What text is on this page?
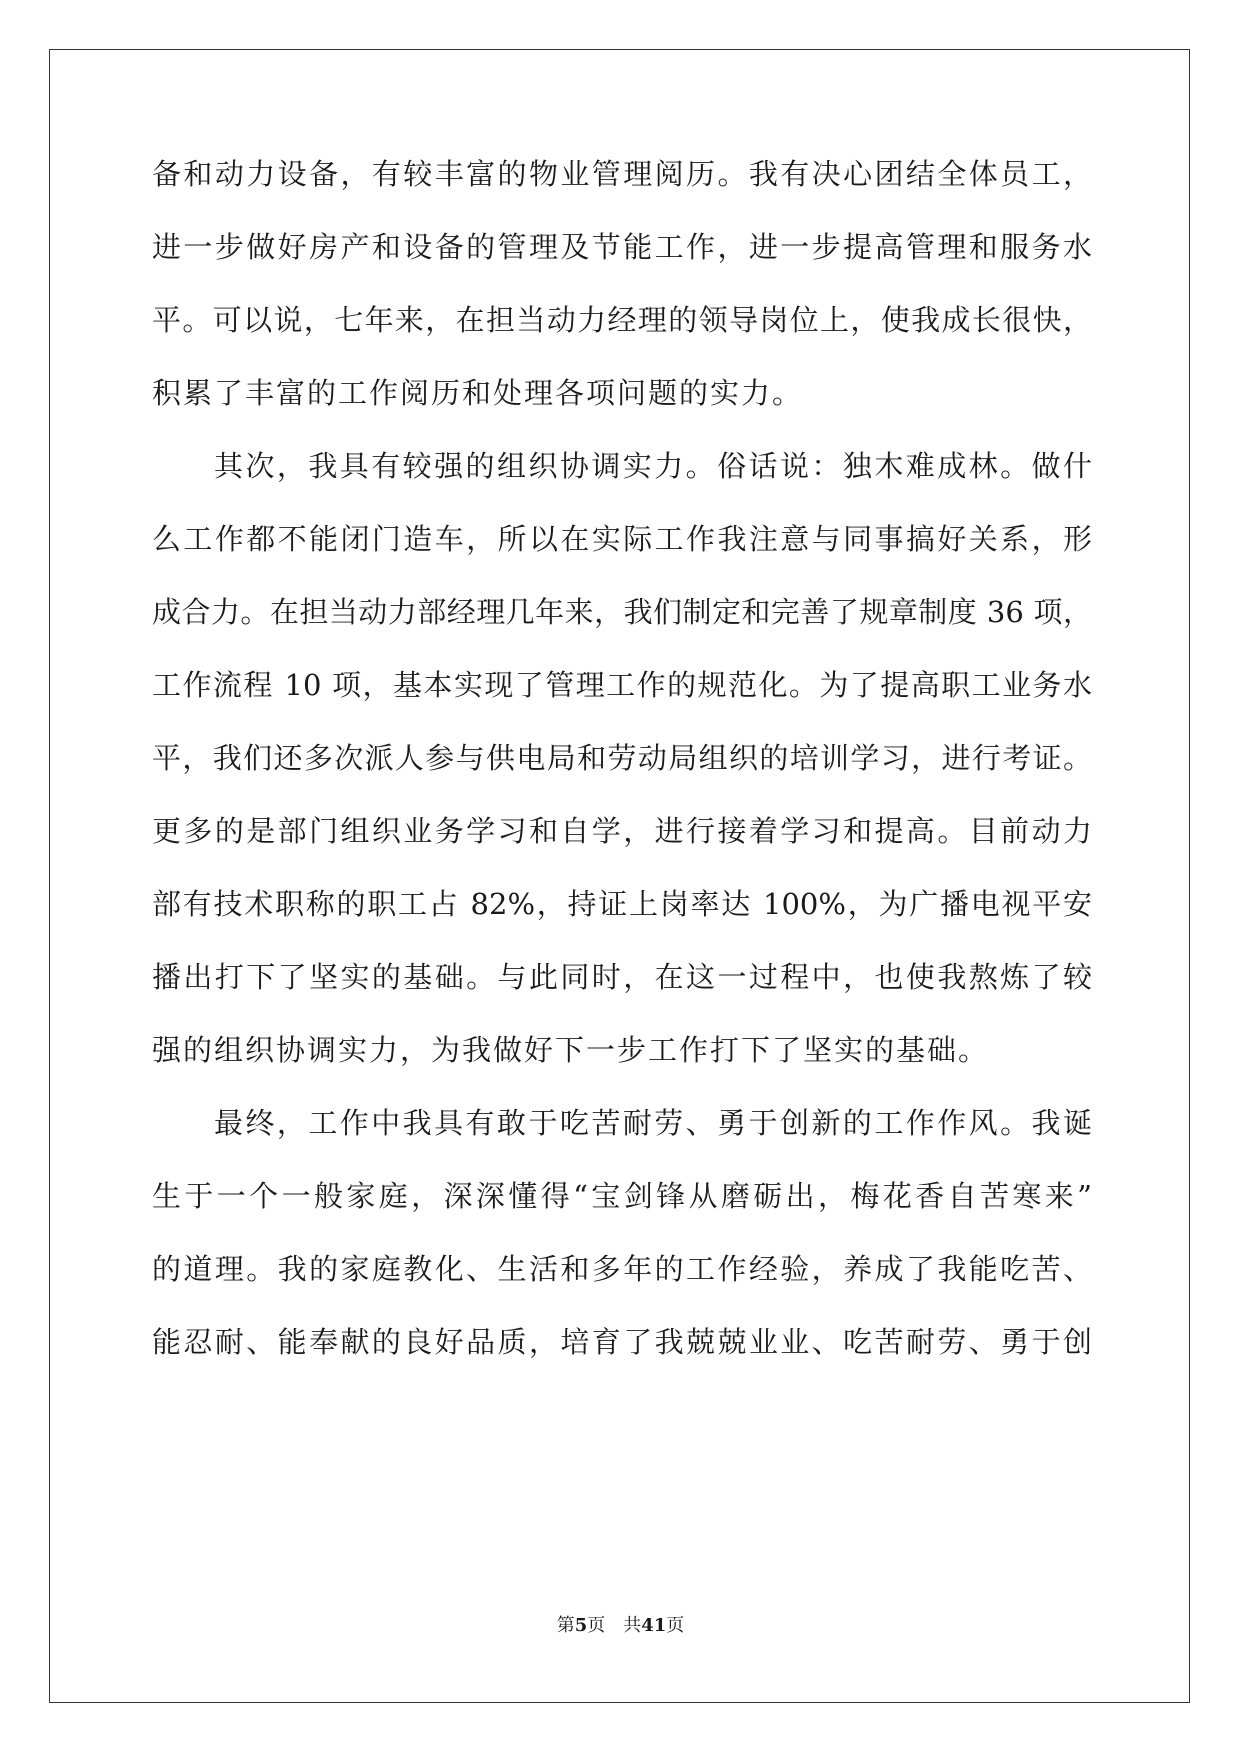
备和动力设备，有较丰富的物业管理阅历。我有决心团结全体员工，
进一步做好房产和设备的管理及节能工作，进一步提高管理和服务水
平。可以说，七年来，在担当动力经理的领导岗位上，使我成长很快，
积累了丰富的工作阅历和处理各项问题的实力。
其次，我具有较强的组织协调实力。俗话说：独木难成林。做什
么工作都不能闭门造车，所以在实际工作我注意与同事搞好关系，形
成合力。在担当动力部经理几年来，我们制定和完善了规章制度 36 项，
工作流程 10 项，基本实现了管理工作的规范化。为了提高职工业务水
平，我们还多次派人参与供电局和劳动局组织的培训学习，进行考证。
更多的是部门组织业务学习和自学，进行接着学习和提高。目前动力
部有技术职称的职工占 82%，持证上岗率达 100%，为广播电视平安
播出打下了坚实的基础。与此同时，在这一过程中，也使我熬炼了较
强的组织协调实力，为我做好下一步工作打下了坚实的基础。
最终，工作中我具有敢于吃苦耐劳、勇于创新的工作作风。我诞
生于一个一般家庭，深深懂得“宝剑锋从磨砺出，梅花香自苦寒来”
的道理。我的家庭教化、生活和多年的工作经验，养成了我能吃苦、
能忍耐、能奉献的良好品质，培育了我兢兢业业、吃苦耐劳、勇于创
第5页 共41页
